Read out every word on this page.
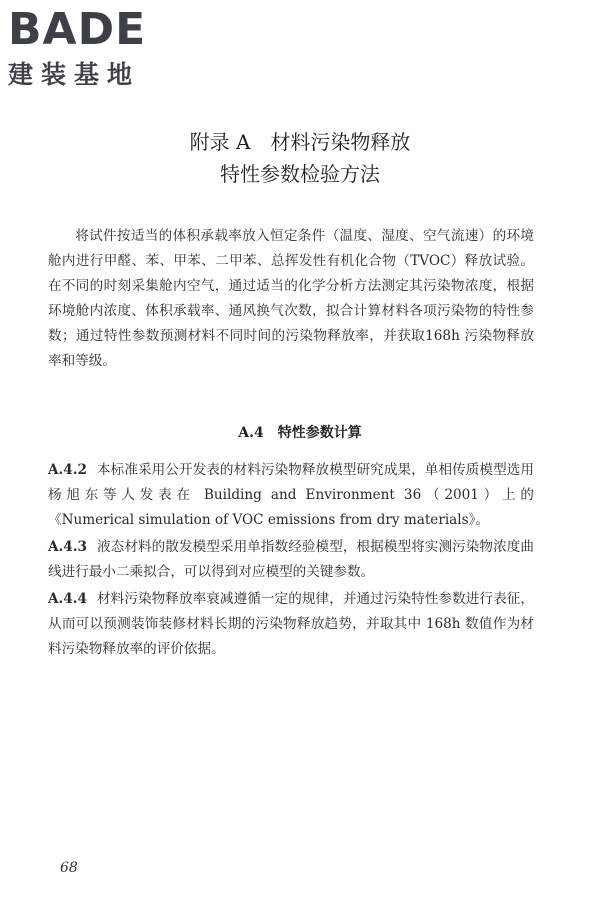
BADE
建装基地
附录 A　材料污染物释放
特性参数检验方法

将试件按适当的体积承载率放入恒定条件（温度、湿度、空气流速）的环境舱内进行甲醛、苯、甲苯、二甲苯、总挥发性有机化合物（TVOC）释放试验。在不同的时刻采集舱内空气，通过适当的化学分析方法测定其污染物浓度，根据环境舱内浓度、体积承载率、通风换气次数，拟合计算材料各项污染物的特性参数；通过特性参数预测材料不同时间的污染物释放率，并获取168h 污染物释放率和等级。

A.4 特性参数计算

A.4.2 本标准采用公开发表的材料污染物释放模型研究成果，单相传质模型选用杨旭东等人发表在 Building and Environment 36（2001）上的《Numerical simulation of VOC emissions from dry materials》。

A.4.3 液态材料的散发模型采用单指数经验模型，根据模型将实测污染物浓度曲线进行最小二乘拟合，可以得到对应模型的关键参数。

A.4.4 材料污染物释放率衰减遵循一定的规律，并通过污染特性参数进行表征，从而可以预测装饰装修材料长期的污染物释放趋势，并取其中 168h 数值作为材料污染物释放率的评价依据。

68
